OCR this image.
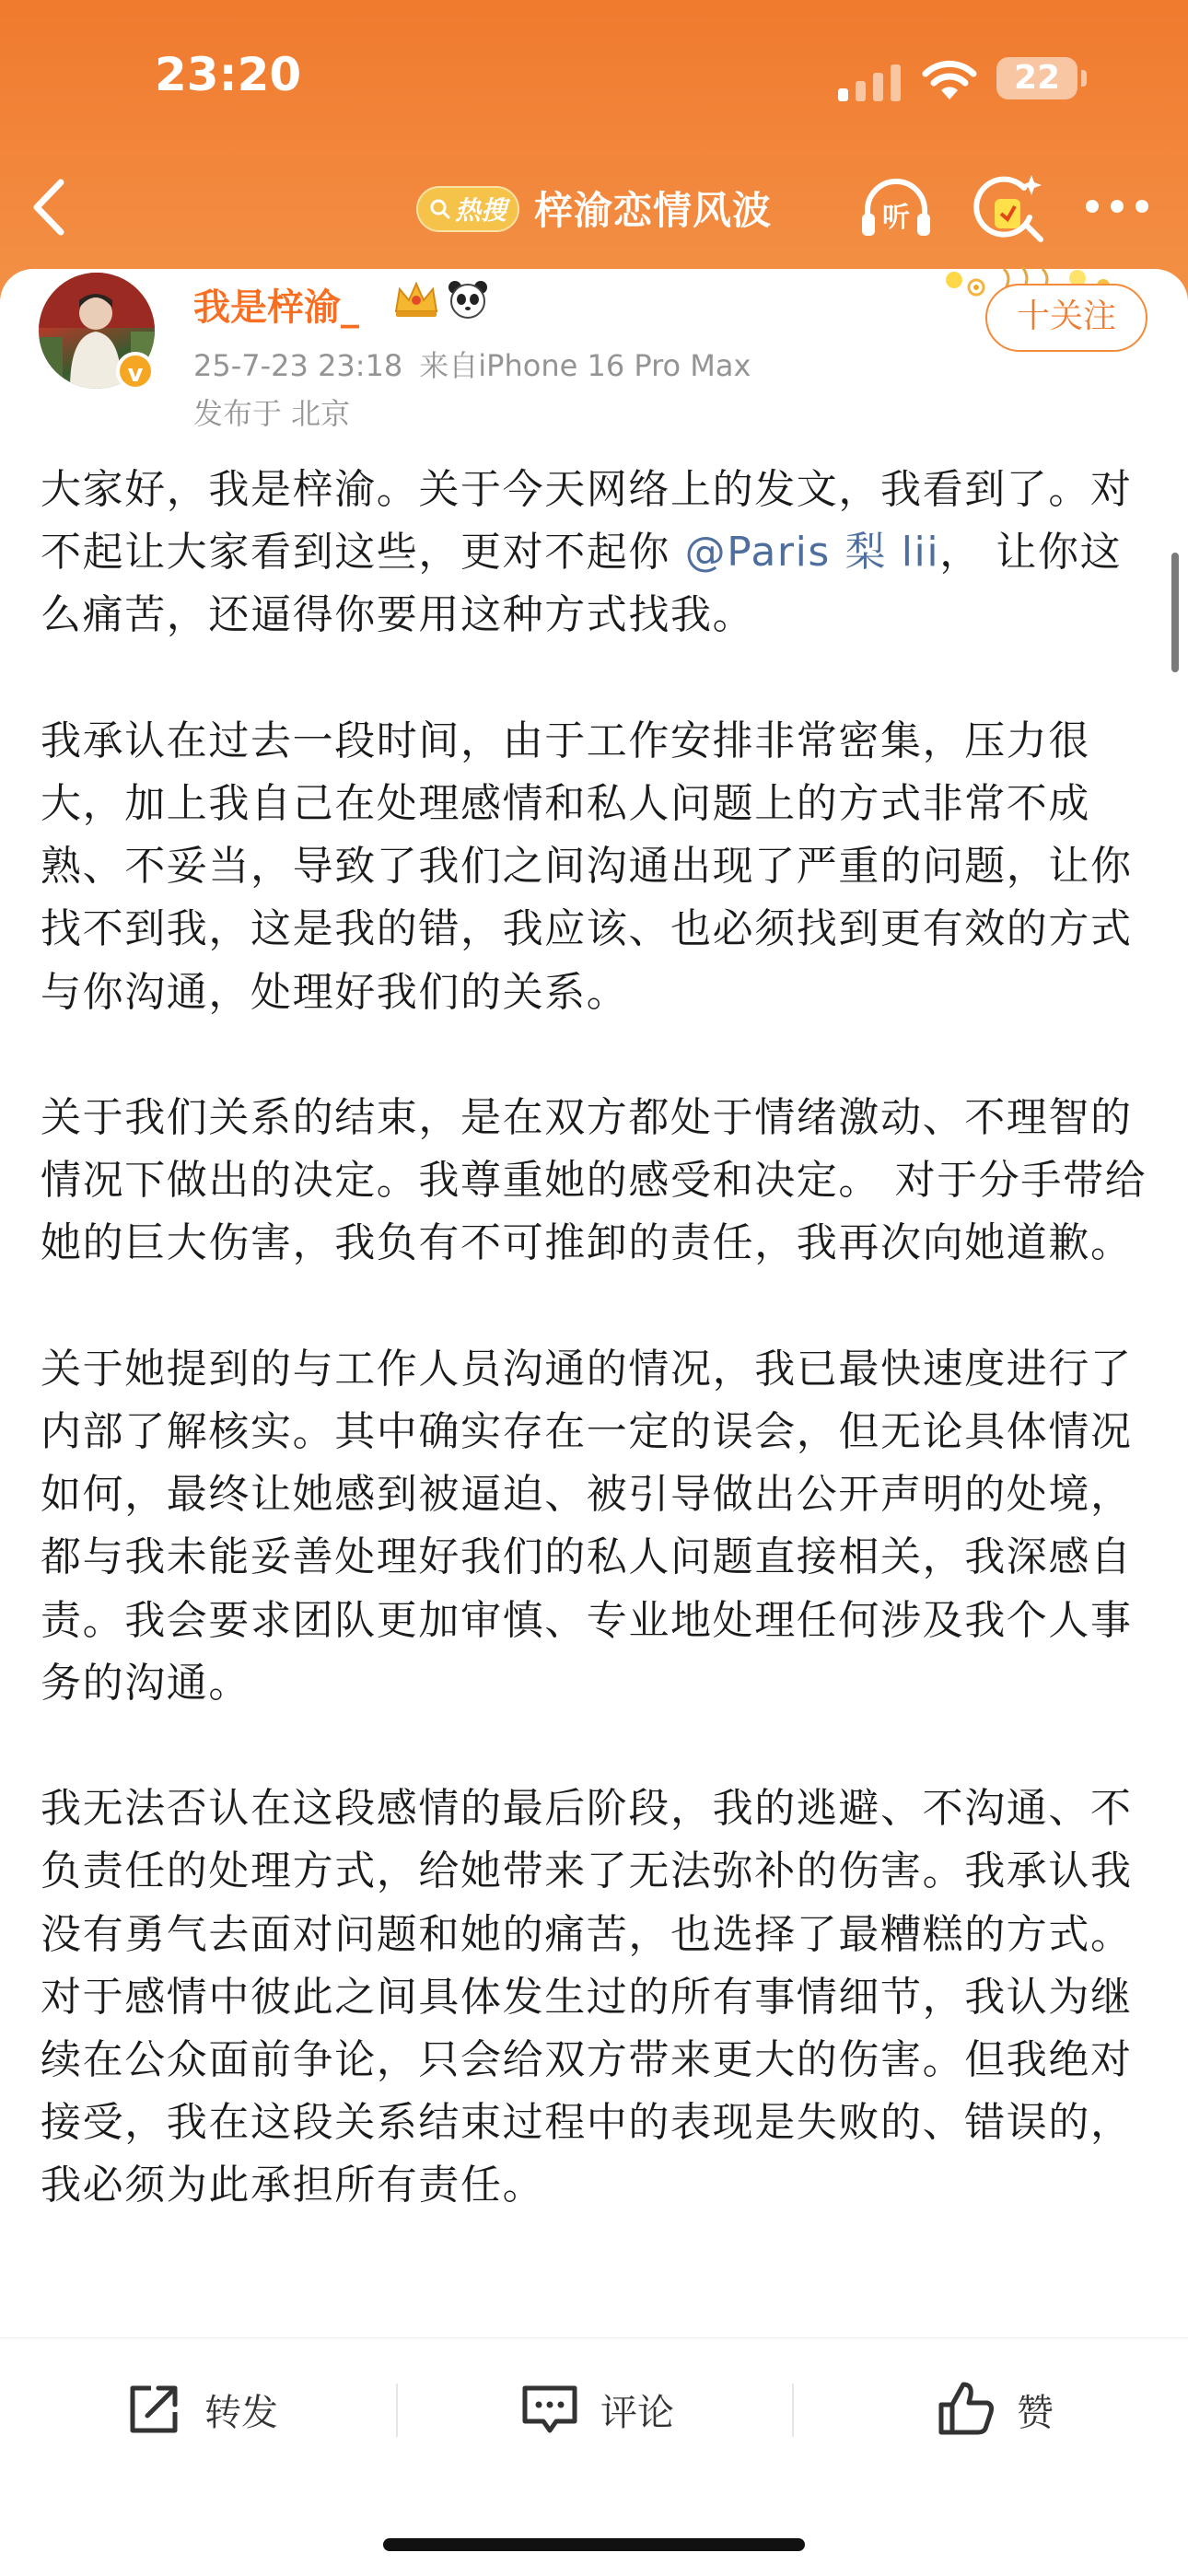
23:20	22
热搜 梓渝恋情风波	听
v
我是梓渝_
25-7-23 23:18 来自iPhone 16 Pro Max
发布于 北京
十关注

大家好，我是梓渝。关于今天网络上的发文，我看到了。对不起让大家看到这些，更对不起你 @Paris 梨 lii， 让你这么痛苦，还逼得你要用这种方式找我。

我承认在过去一段时间，由于工作安排非常密集，压力很大，加上我自己在处理感情和私人问题上的方式非常不成熟、不妥当，导致了我们之间沟通出现了严重的问题，让你找不到我，这是我的错，我应该、也必须找到更有效的方式与你沟通，处理好我们的关系。

关于我们关系的结束，是在双方都处于情绪激动、不理智的情况下做出的决定。我尊重她的感受和决定。 对于分手带给她的巨大伤害，我负有不可推卸的责任，我再次向她道歉。

关于她提到的与工作人员沟通的情况，我已最快速度进行了内部了解核实。其中确实存在一定的误会，但无论具体情况如何，最终让她感到被逼迫、被引导做出公开声明的处境，都与我未能妥善处理好我们的私人问题直接相关，我深感自责。我会要求团队更加审慎、专业地处理任何涉及我个人事务的沟通。

我无法否认在这段感情的最后阶段，我的逃避、不沟通、不负责任的处理方式，给她带来了无法弥补的伤害。我承认我没有勇气去面对问题和她的痛苦，也选择了最糟糕的方式。 对于感情中彼此之间具体发生过的所有事情细节，我认为继续在公众面前争论，只会给双方带来更大的伤害。但我绝对接受，我在这段关系结束过程中的表现是失败的、错误的，我必须为此承担所有责任。

转发	评论	赞
